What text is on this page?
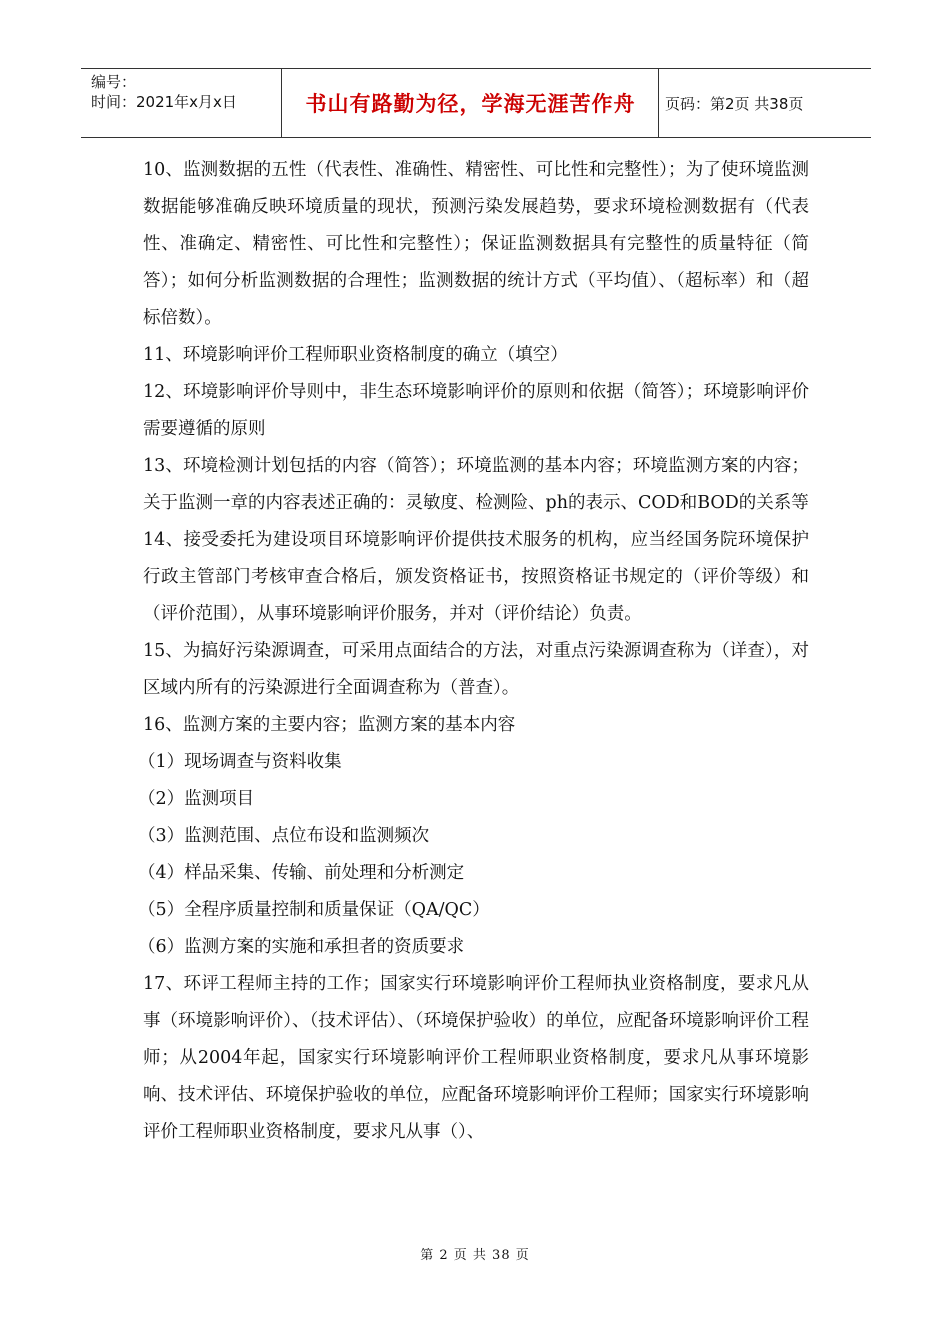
编号：
时间：2021年x月x日	书山有路勤为径，学海无涯苦作舟	页码：第2页 共38页

10、监测数据的五性（代表性、准确性、精密性、可比性和完整性）；为了使环境监测数据能够准确反映环境质量的现状，预测污染发展趋势，要求环境检测数据有（代表性、准确定、精密性、可比性和完整性）；保证监测数据具有完整性的质量特征（简答）；如何分析监测数据的合理性；监测数据的统计方式（平均值）、（超标率）和（超标倍数）。

11、环境影响评价工程师职业资格制度的确立（填空）

12、环境影响评价导则中，非生态环境影响评价的原则和依据（简答）；环境影响评价需要遵循的原则

13、环境检测计划包括的内容（简答）；环境监测的基本内容；环境监测方案的内容；关于监测一章的内容表述正确的：灵敏度、检测险、ph的表示、COD和BOD的关系等

14、接受委托为建设项目环境影响评价提供技术服务的机构，应当经国务院环境保护行政主管部门考核审查合格后，颁发资格证书，按照资格证书规定的（评价等级）和（评价范围），从事环境影响评价服务，并对（评价结论）负责。

15、为搞好污染源调查，可采用点面结合的方法，对重点污染源调查称为（详查），对区域内所有的污染源进行全面调查称为（普查）。

16、监测方案的主要内容；监测方案的基本内容

（1）现场调查与资料收集

（2）监测项目

（3）监测范围、点位布设和监测频次

（4）样品采集、传输、前处理和分析测定

（5）全程序质量控制和质量保证（QA/QC）

（6）监测方案的实施和承担者的资质要求

17、环评工程师主持的工作；国家实行环境影响评价工程师执业资格制度，要求凡从事（环境影响评价）、（技术评估）、（环境保护验收）的单位，应配备环境影响评价工程师；从2004年起，国家实行环境影响评价工程师职业资格制度，要求凡从事环境影响、技术评估、环境保护验收的单位，应配备环境影响评价工程师；国家实行环境影响评价工程师职业资格制度，要求凡从事（）、

第 2 页 共 38 页
